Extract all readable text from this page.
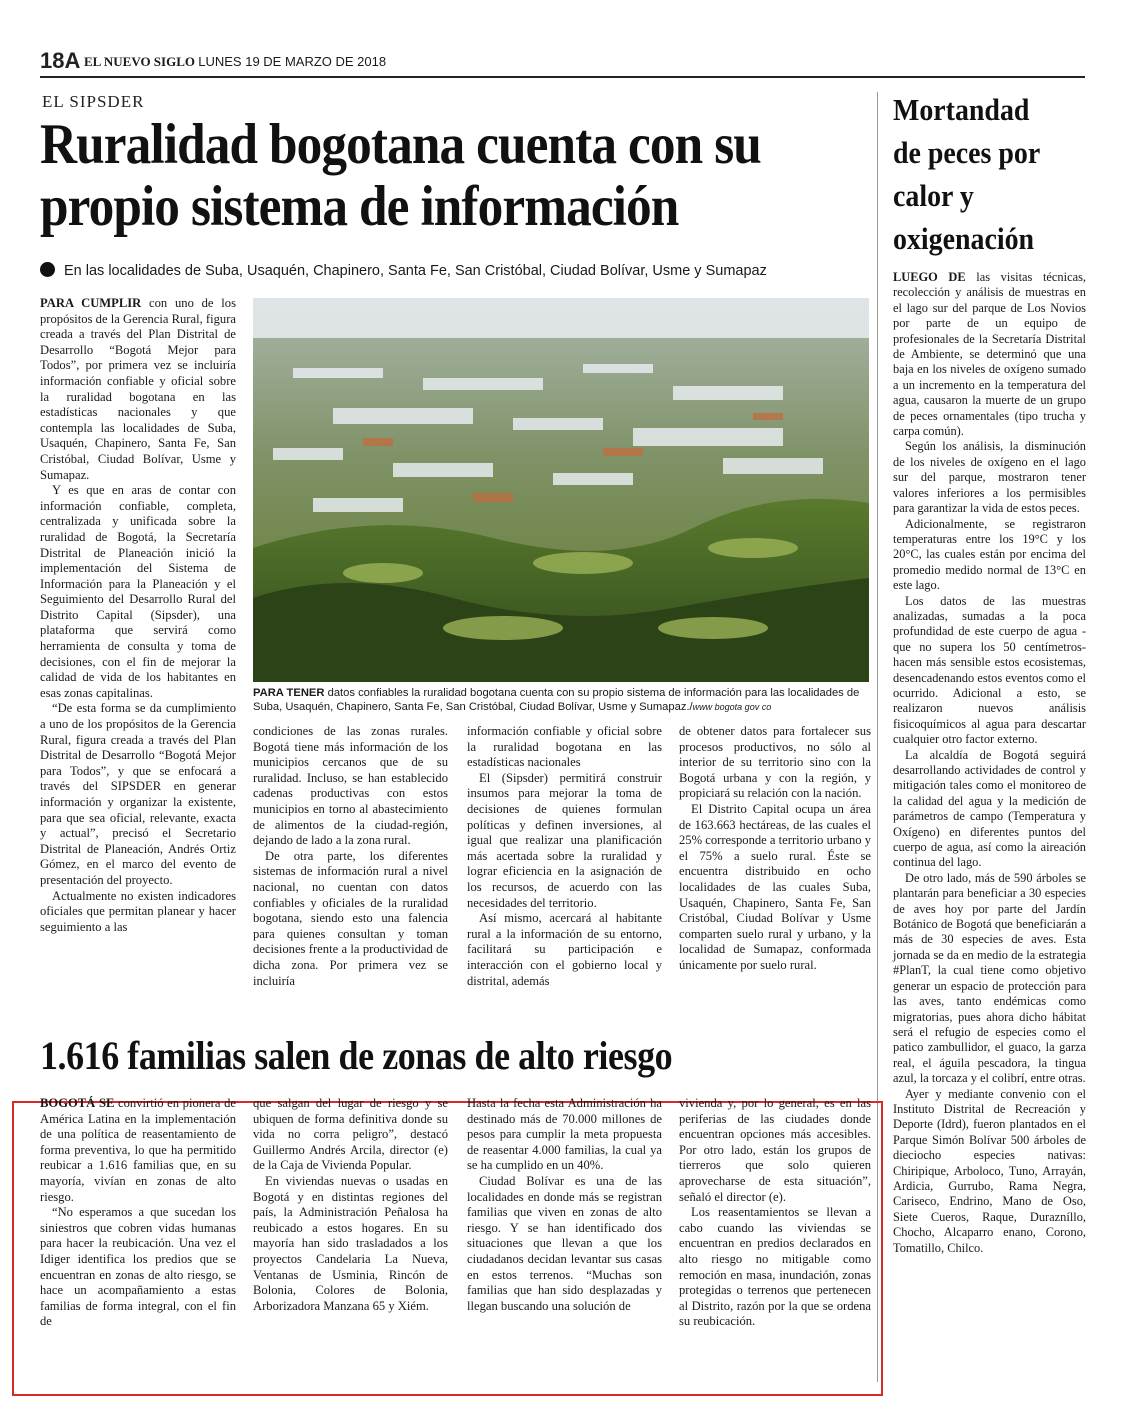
18A EL NUEVO SIGLO LUNES 19 DE MARZO DE 2018
EL SIPSDER
Ruralidad bogotana cuenta con su propio sistema de información
En las localidades de Suba, Usaquén, Chapinero, Santa Fe, San Cristóbal, Ciudad Bolívar, Usme y Sumapaz

PARA CUMPLIR con uno de los propósitos de la Gerencia Rural, figura creada a través del Plan Distrital de Desarrollo “Bogotá Mejor para Todos”, por primera vez se incluiría información confiable y oficial sobre la ruralidad bogotana en las estadísticas nacionales y que contempla las localidades de Suba, Usaquén, Chapinero, Santa Fe, San Cristóbal, Ciudad Bolívar, Usme y Sumapaz.

Y es que en aras de contar con información confiable, completa, centralizada y unificada sobre la ruralidad de Bogotá, la Secretaría Distrital de Planeación inició la implementación del Sistema de Información para la Planeación y el Seguimiento del Desarrollo Rural del Distrito Capital (Sipsder), una plataforma que servirá como herramienta de consulta y toma de decisiones, con el fin de mejorar la calidad de vida de los habitantes en esas zonas capitalinas.

“De esta forma se da cumplimiento a uno de los propósitos de la Gerencia Rural, figura creada a través del Plan Distrital de Desarrollo “Bogotá Mejor para Todos”, y que se enfocará a través del SIPSDER en generar información y organizar la existente, para que sea oficial, relevante, exacta y actual”, precisó el Secretario Distrital de Planeación, Andrés Ortiz Gómez, en el marco del evento de presentación del proyecto.

Actualmente no existen indicadores oficiales que permitan planear y hacer seguimiento a las

PARA TENER datos confiables la ruralidad bogotana cuenta con su propio sistema de información para las localidades de Suba, Usaquén, Chapinero, Santa Fe, San Cristóbal, Ciudad Bolívar, Usme y Sumapaz./www bogota gov co

condiciones de las zonas rurales. Bogotá tiene más información de los municipios cercanos que de su ruralidad. Incluso, se han establecido cadenas productivas con estos municipios en torno al abastecimiento de alimentos de la ciudad-región, dejando de lado a la zona rural.

De otra parte, los diferentes sistemas de información rural a nivel nacional, no cuentan con datos confiables y oficiales de la ruralidad bogotana, siendo esto una falencia para quienes consultan y toman decisiones frente a la productividad de dicha zona. Por primera vez se incluiría

información confiable y oficial sobre la ruralidad bogotana en las estadísticas nacionales

El (Sipsder) permitirá construir insumos para mejorar la toma de decisiones de quienes formulan políticas y definen inversiones, al igual que realizar una planificación más acertada sobre la ruralidad y lograr eficiencia en la asignación de los recursos, de acuerdo con las necesidades del territorio.

Así mismo, acercará al habitante rural a la información de su entorno, facilitará su participación e interacción con el gobierno local y distrital, además

de obtener datos para fortalecer sus procesos productivos, no sólo al interior de su territorio sino con la Bogotá urbana y con la región, y propiciará su relación con la nación.

El Distrito Capital ocupa un área de 163.663 hectáreas, de las cuales el 25% corresponde a territorio urbano y el 75% a suelo rural. Éste se encuentra distribuido en ocho localidades de las cuales Suba, Usaquén, Chapinero, Santa Fe, San Cristóbal, Ciudad Bolívar y Usme comparten suelo rural y urbano, y la localidad de Sumapaz, conformada únicamente por suelo rural.

Mortandad de peces por calor y oxigenación

LUEGO DE las visitas técnicas, recolección y análisis de muestras en el lago sur del parque de Los Novios por parte de un equipo de profesionales de la Secretaría Distrital de Ambiente, se determinó que una baja en los niveles de oxígeno sumado a un incremento en la temperatura del agua, causaron la muerte de un grupo de peces ornamentales (tipo trucha y carpa común).

Según los análisis, la disminución de los niveles de oxígeno en el lago sur del parque, mostraron tener valores inferiores a los permisibles para garantizar la vida de estos peces.

Adicionalmente, se registraron temperaturas entre los 19°C y los 20°C, las cuales están por encima del promedio medido normal de 13°C en este lago.

Los datos de las muestras analizadas, sumadas a la poca profundidad de este cuerpo de agua -que no supera los 50 centímetros- hacen más sensible estos ecosistemas, desencadenando estos eventos como el ocurrido. Adicional a esto, se realizaron nuevos análisis fisicoquímicos al agua para descartar cualquier otro factor externo.

La alcaldía de Bogotá seguirá desarrollando actividades de control y mitigación tales como el monitoreo de la calidad del agua y la medición de parámetros de campo (Temperatura y Oxígeno) en diferentes puntos del cuerpo de agua, así como la aireación continua del lago.

De otro lado, más de 590 árboles se plantarán para beneficiar a 30 especies de aves hoy por parte del Jardín Botánico de Bogotá que beneficiarán a más de 30 especies de aves. Esta jornada se da en medio de la estrategia #PlanT, la cual tiene como objetivo generar un espacio de protección para las aves, tanto endémicas como migratorias, pues ahora dicho hábitat será el refugio de especies como el patico zambullidor, el guaco, la garza real, el águila pescadora, la tingua azul, la torcaza y el colibrí, entre otras.

Ayer y mediante convenio con el Instituto Distrital de Recreación y Deporte (Idrd), fueron plantados en el Parque Simón Bolívar 500 árboles de dieciocho especies nativas: Chiripique, Arboloco, Tuno, Arrayán, Ardicia, Gurrubo, Rama Negra, Cariseco, Endrino, Mano de Oso, Siete Cueros, Raque, Durazníllo, Chocho, Alcaparro enano, Corono, Tomatillo, Chilco.

1.616 familias salen de zonas de alto riesgo

BOGOTÁ SE convirtió en pionera de América Latina en la implementación de una política de reasentamiento de forma preventiva, lo que ha permitido reubicar a 1.616 familias que, en su mayoría, vivían en zonas de alto riesgo.

“No esperamos a que sucedan los siniestros que cobren vidas humanas para hacer la reubicación. Una vez el Idiger identifica los predios que se encuentran en zonas de alto riesgo, se hace un acompañamiento a estas familias de forma integral, con el fin de

que salgan del lugar de riesgo y se ubiquen de forma definitiva donde su vida no corra peligro”, destacó Guillermo Andrés Arcila, director (e) de la Caja de Vivienda Popular.

En viviendas nuevas o usadas en Bogotá y en distintas regiones del país, la Administración Peñalosa ha reubicado a estos hogares. En su mayoría han sido trasladados a los proyectos Candelaria La Nueva, Ventanas de Usminia, Rincón de Bolonia, Colores de Bolonia, Arborizadora Manzana 65 y Xiém.

Hasta la fecha esta Administración ha destinado más de 70.000 millones de pesos para cumplir la meta propuesta de reasentar 4.000 familias, la cual ya se ha cumplido en un 40%.

Ciudad Bolívar es una de las localidades en donde más se registran familias que viven en zonas de alto riesgo. Y se han identificado dos situaciones que llevan a que los ciudadanos decidan levantar sus casas en estos terrenos. “Muchas son familias que han sido desplazadas y llegan buscando una solución de

vivienda y, por lo general, es en las periferias de las ciudades donde encuentran opciones más accesibles. Por otro lado, están los grupos de tierreros que solo quieren aprovecharse de esta situación”, señaló el director (e).

Los reasentamientos se llevan a cabo cuando las viviendas se encuentran en predios declarados en alto riesgo no mitigable como remoción en masa, inundación, zonas protegidas o terrenos que pertenecen al Distrito, razón por la que se ordena su reubicación.
